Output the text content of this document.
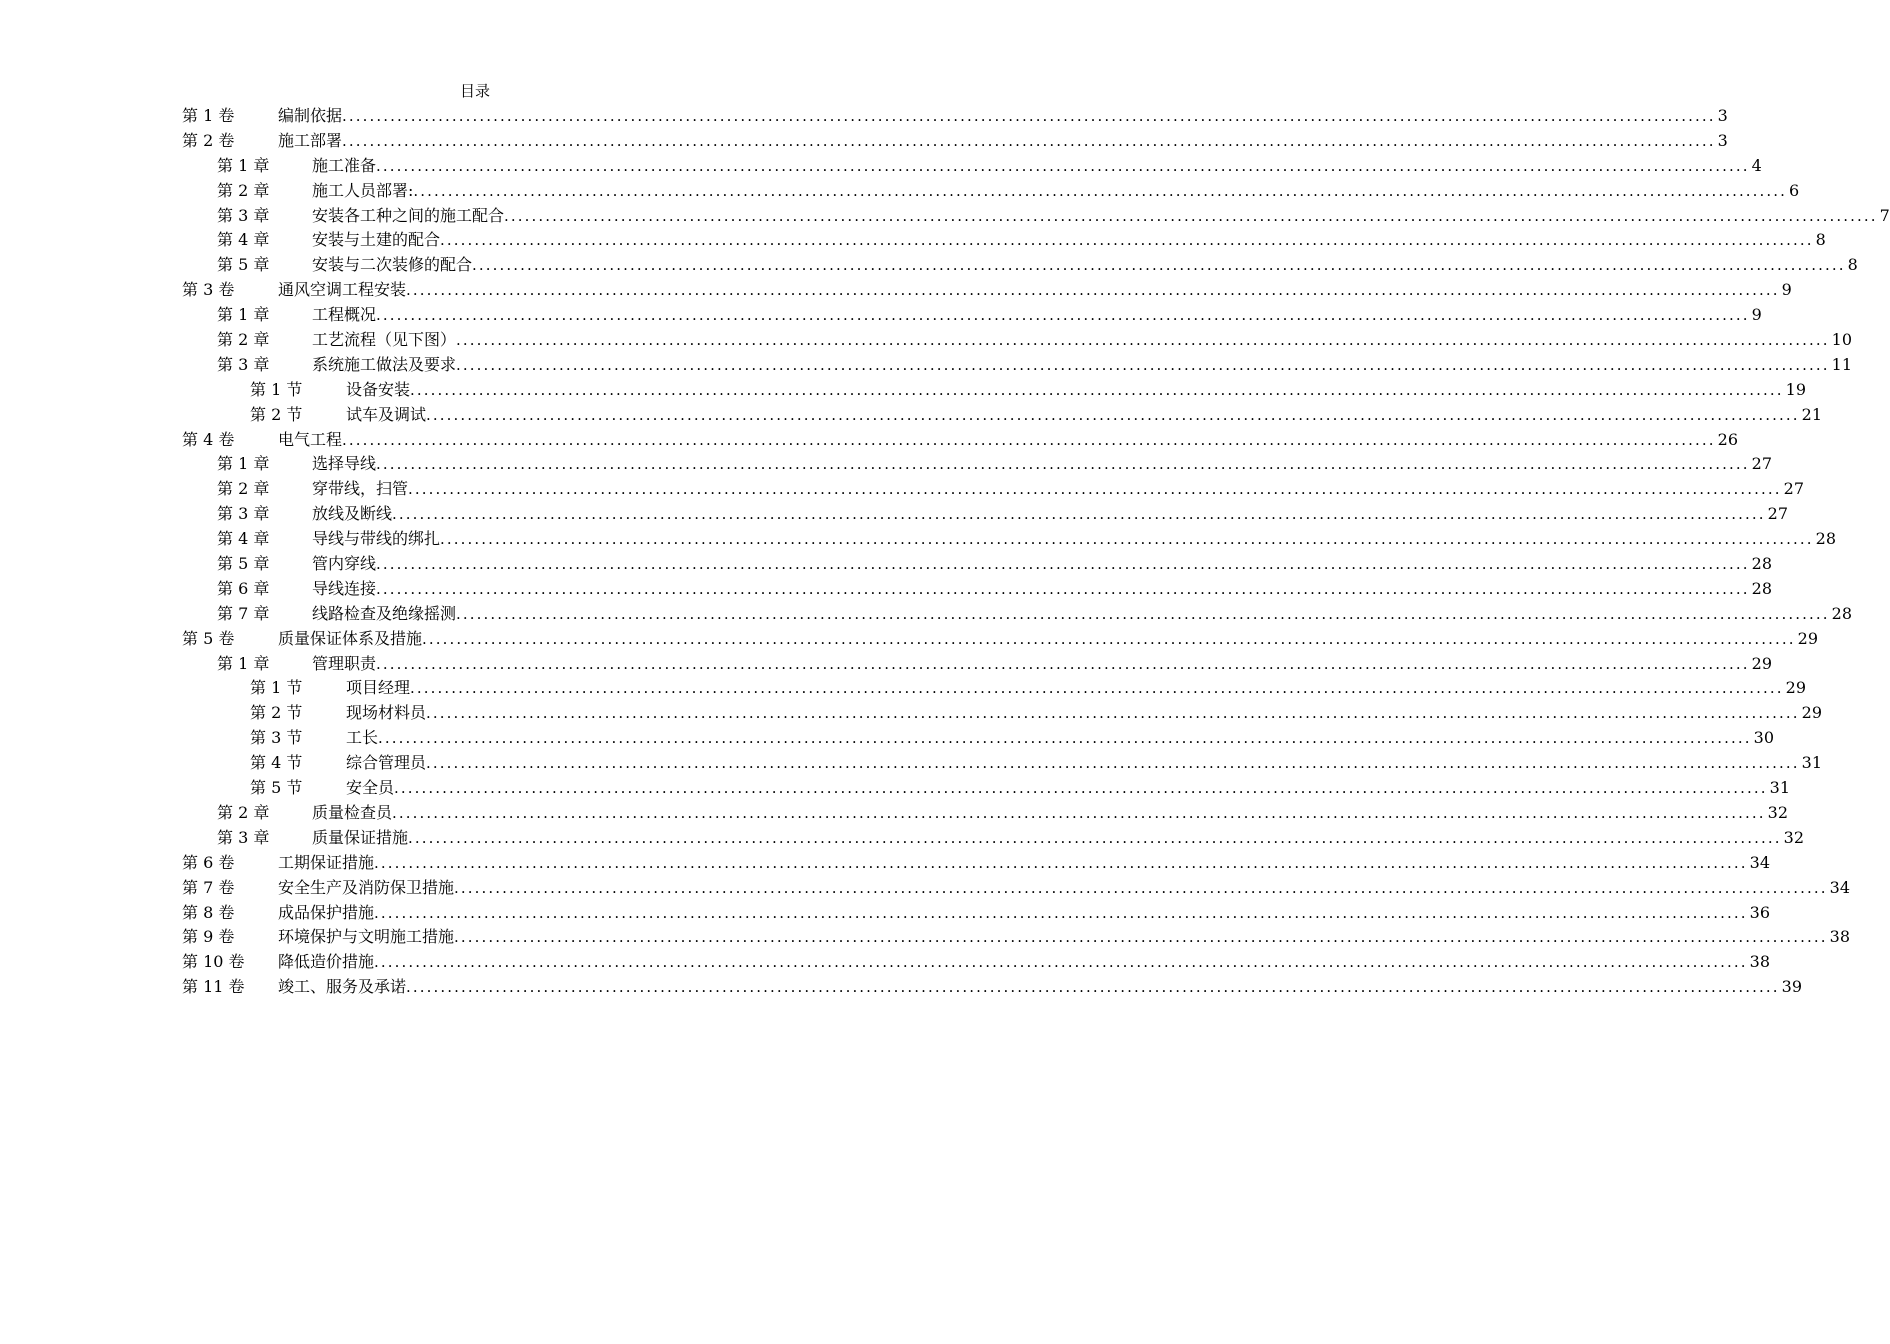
目录
第 1 卷	编制依据 ........................................................................................................................................................................................................ 3
第 2 卷	施工部署 ........................................................................................................................................................................................................ 3
第 1 章	施工准备 ........................................................................................................................................................................................................ 4
第 2 章	施工人员部署: ........................................................................................................................................................................................................ 6
第 3 章	安装各工种之间的施工配合 ........................................................................................................................................................................................................ 7
第 4 章	安装与土建的配合 ........................................................................................................................................................................................................ 8
第 5 章	安装与二次装修的配合 ........................................................................................................................................................................................................ 8
第 3 卷	通风空调工程安装 ........................................................................................................................................................................................................ 9
第 1 章	工程概况 ........................................................................................................................................................................................................ 9
第 2 章	工艺流程（见下图） ........................................................................................................................................................................................................ 10
第 3 章	系统施工做法及要求 ........................................................................................................................................................................................................ 11
第 1 节	设备安装 ........................................................................................................................................................................................................ 19
第 2 节	试车及调试 ........................................................................................................................................................................................................ 21
第 4 卷	电气工程 ........................................................................................................................................................................................................ 26
第 1 章	选择导线 ........................................................................................................................................................................................................ 27
第 2 章	穿带线，扫管 ........................................................................................................................................................................................................ 27
第 3 章	放线及断线 ........................................................................................................................................................................................................ 27
第 4 章	导线与带线的绑扎 ........................................................................................................................................................................................................ 28
第 5 章	管内穿线 ........................................................................................................................................................................................................ 28
第 6 章	导线连接 ........................................................................................................................................................................................................ 28
第 7 章	线路检查及绝缘摇测 ........................................................................................................................................................................................................ 28
第 5 卷	质量保证体系及措施 ........................................................................................................................................................................................................ 29
第 1 章	管理职责 ........................................................................................................................................................................................................ 29
第 1 节	项目经理 ........................................................................................................................................................................................................ 29
第 2 节	现场材料员 ........................................................................................................................................................................................................ 29
第 3 节	工长 ........................................................................................................................................................................................................ 30
第 4 节	综合管理员 ........................................................................................................................................................................................................ 31
第 5 节	安全员 ........................................................................................................................................................................................................ 31
第 2 章	质量检查员 ........................................................................................................................................................................................................ 32
第 3 章	质量保证措施 ........................................................................................................................................................................................................ 32
第 6 卷	工期保证措施 ........................................................................................................................................................................................................ 34
第 7 卷	安全生产及消防保卫措施 ........................................................................................................................................................................................................ 34
第 8 卷	成品保护措施 ........................................................................................................................................................................................................ 36
第 9 卷	环境保护与文明施工措施 ........................................................................................................................................................................................................ 38
第 10 卷	降低造价措施 ........................................................................................................................................................................................................ 38
第 11 卷	竣工、服务及承诺 ........................................................................................................................................................................................................ 39
